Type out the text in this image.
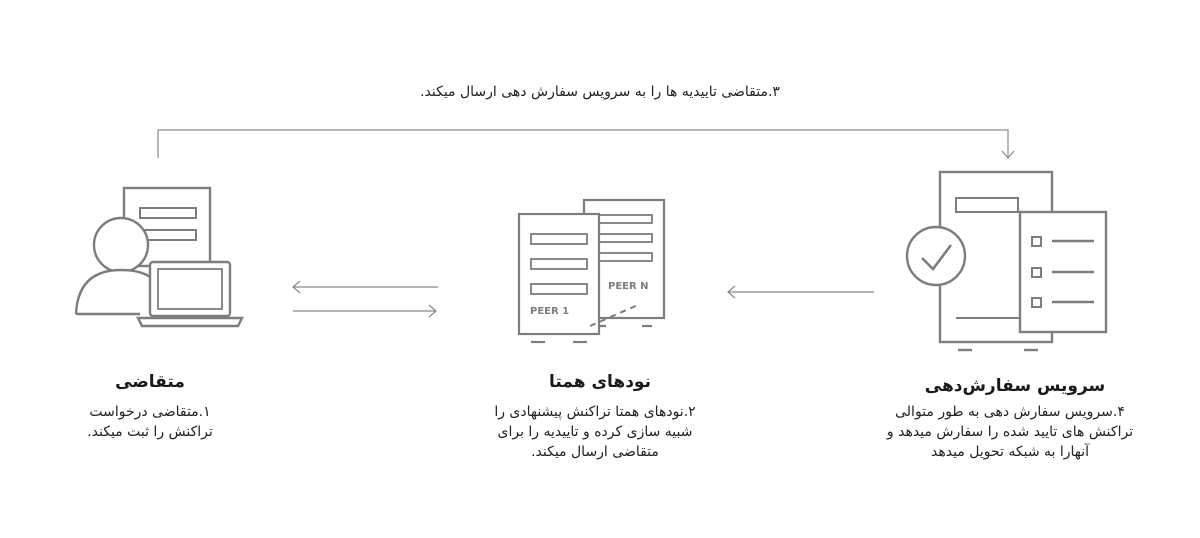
PEER 1
PEER N
۳.متقاضی تاییدیه ها را به سرویس سفارش دهی ارسال میکند.
متقاضی
۱.متقاضی درخواست
تراکنش را ثبت میکند.
نودهای همتا
۲.نودهای همتا تراکنش پیشنهادی را
شبیه سازی کرده و تاییدیه را برای
متقاضی ارسال میکند.
سرویس سفارش‌دهی
۴.سرویس سفارش دهی به طور متوالی
تراکنش های تایید شده را سفارش میدهد و
آنهارا به شبکه تحویل میدهد
